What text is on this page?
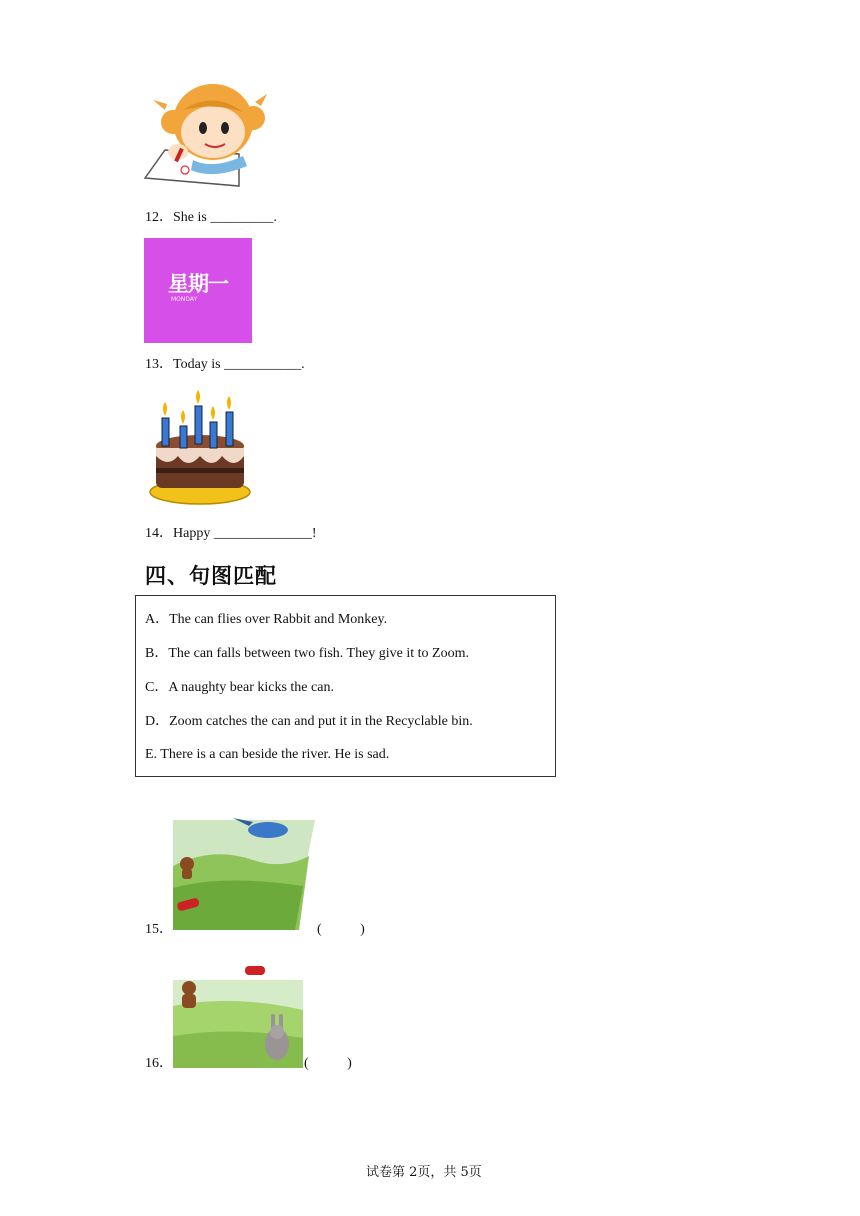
12．She is _________.
星期一
MONDAY
13．Today is ___________.
14．Happy ______________!
四、句图匹配
A．The can flies over Rabbit and Monkey.
B．The can falls between two fish. They give it to Zoom.
C．A naughty bear kicks the can.
D．Zoom catches the can and put it in the Recyclable bin.
E. There is a can beside the river. He is sad.
15．	(           )
16．	(           )
试卷第 2页，共 5页
